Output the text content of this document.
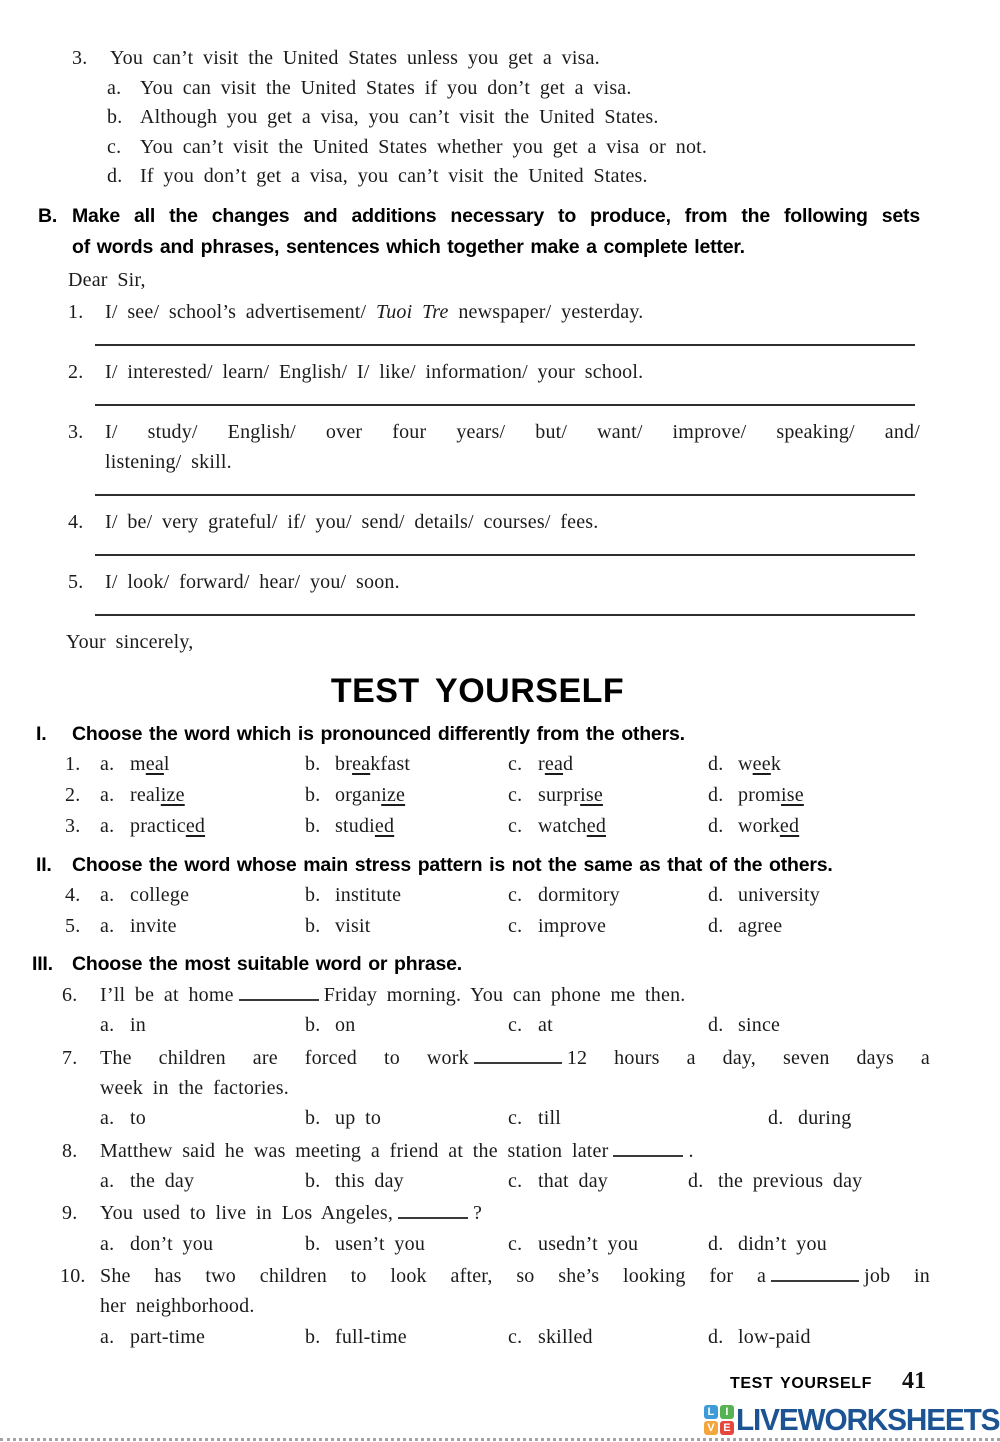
3. You can’t visit the United States unless you get a visa.
a. You can visit the United States if you don’t get a visa.
b. Although you get a visa, you can’t visit the United States.
c. You can’t visit the United States whether you get a visa or not.
d. If you don’t get a visa, you can’t visit the United States.
B. Make all the changes and additions necessary to produce, from the following sets
of words and phrases, sentences which together make a complete letter.
Dear Sir,
1. I/ see/ school’s advertisement/ Tuoi Tre newspaper/ yesterday.
2. I/ interested/ learn/ English/ I/ like/ information/ your school.
3. I/ study/ English/ over four years/ but/ want/ improve/ speaking/ and/
listening/ skill.
4. I/ be/ very grateful/ if/ you/ send/ details/ courses/ fees.
5. I/ look/ forward/ hear/ you/ soon.
Your sincerely,
TEST YOURSELF
I. Choose the word which is pronounced differently from the others.
1. a. meal	b. breakfast	c. read	d. week
2. a. realize	b. organize	c. surprise	d. promise
3. a. practiced	b. studied	c. watched	d. worked
II. Choose the word whose main stress pattern is not the same as that of the others.
4. a. college	b. institute	c. dormitory	d. university
5. a. invite	b. visit	c. improve	d. agree
III. Choose the most suitable word or phrase.
6. I’ll be at home	Friday morning. You can phone me then.
a. in	b. on	c. at	d. since
7. The children are forced to work	12 hours a day, seven days a
week in the factories.
a. to	b. up to	c. till	d. during
8. Matthew said he was meeting a friend at the station later	.
a. the day	b. this day	c. that day	d. the previous day
9. You used to live in Los Angeles,	?
a. don’t you	b. usen’t you	c. usedn’t you	d. didn’t you
10. She has two children to look after, so she’s looking for a	job in
her neighborhood.
a. part-time	b. full-time	c. skilled	d. low-paid
TEST YOURSELF 41
L I
V E LIVEWORKSHEETS
